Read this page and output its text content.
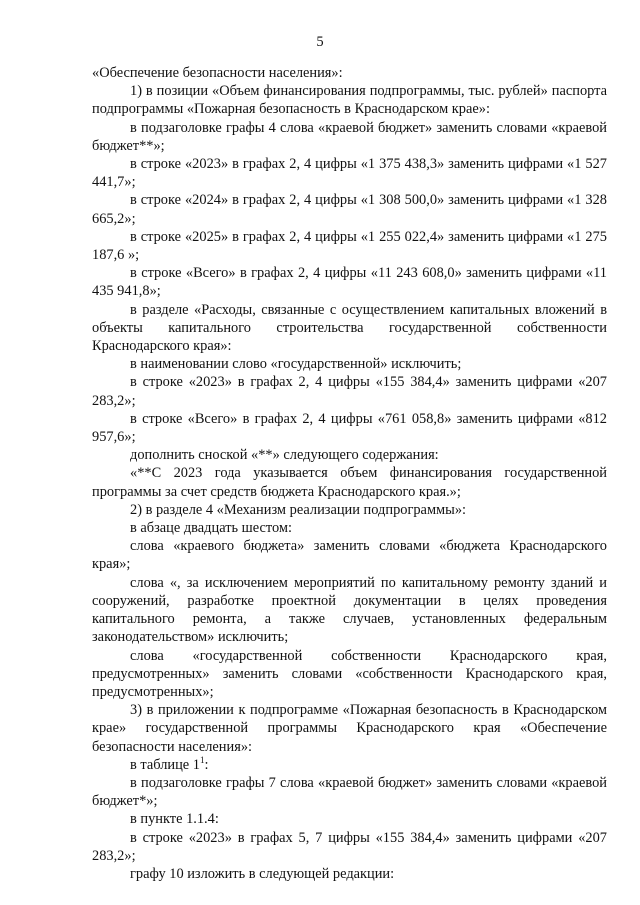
5

«Обеспечение безопасности населения»:

1) в позиции «Объем финансирования подпрограммы, тыс. рублей» паспорта подпрограммы «Пожарная безопасность в Краснодарском крае»:

в подзаголовке графы 4 слова «краевой бюджет» заменить словами «краевой бюджет**»;

в строке «2023» в графах 2, 4 цифры «1 375 438,3» заменить цифрами «1 527 441,7»;

в строке «2024» в графах 2, 4 цифры «1 308 500,0» заменить цифрами «1 328 665,2»;

в строке «2025» в графах 2, 4 цифры «1 255 022,4» заменить цифрами «1 275 187,6 »;

в строке «Всего» в графах 2, 4 цифры «11 243 608,0» заменить цифрами «11 435 941,8»;

в разделе «Расходы, связанные с осуществлением капитальных вложений в объекты капитального строительства государственной собственности Краснодарского края»:

в наименовании слово «государственной» исключить;

в строке «2023» в графах 2, 4 цифры «155 384,4» заменить цифрами «207 283,2»;

в строке «Всего» в графах 2, 4 цифры «761 058,8» заменить цифрами «812 957,6»;

дополнить сноской «**» следующего содержания:

«**С 2023 года указывается объем финансирования государственной программы за счет средств бюджета Краснодарского края.»;

2) в разделе 4 «Механизм реализации подпрограммы»:

в абзаце двадцать шестом:

слова «краевого бюджета» заменить словами «бюджета Краснодарского края»;

слова «, за исключением мероприятий по капитальному ремонту зданий и сооружений, разработке проектной документации в целях проведения капитального ремонта, а также случаев, установленных федеральным законодательством» исключить;

слова «государственной собственности Краснодарского края, предусмотренных» заменить словами «собственности Краснодарского края, предусмотренных»;

3) в приложении к подпрограмме «Пожарная безопасность в Краснодарском крае» государственной программы Краснодарского края «Обеспечение безопасности населения»:

в таблице $1^1$:

в подзаголовке графы 7 слова «краевой бюджет» заменить словами «краевой бюджет*»;

в пункте 1.1.4:

в строке «2023» в графах 5, 7 цифры «155 384,4» заменить цифрами «207 283,2»;

графу 10 изложить в следующей редакции:
